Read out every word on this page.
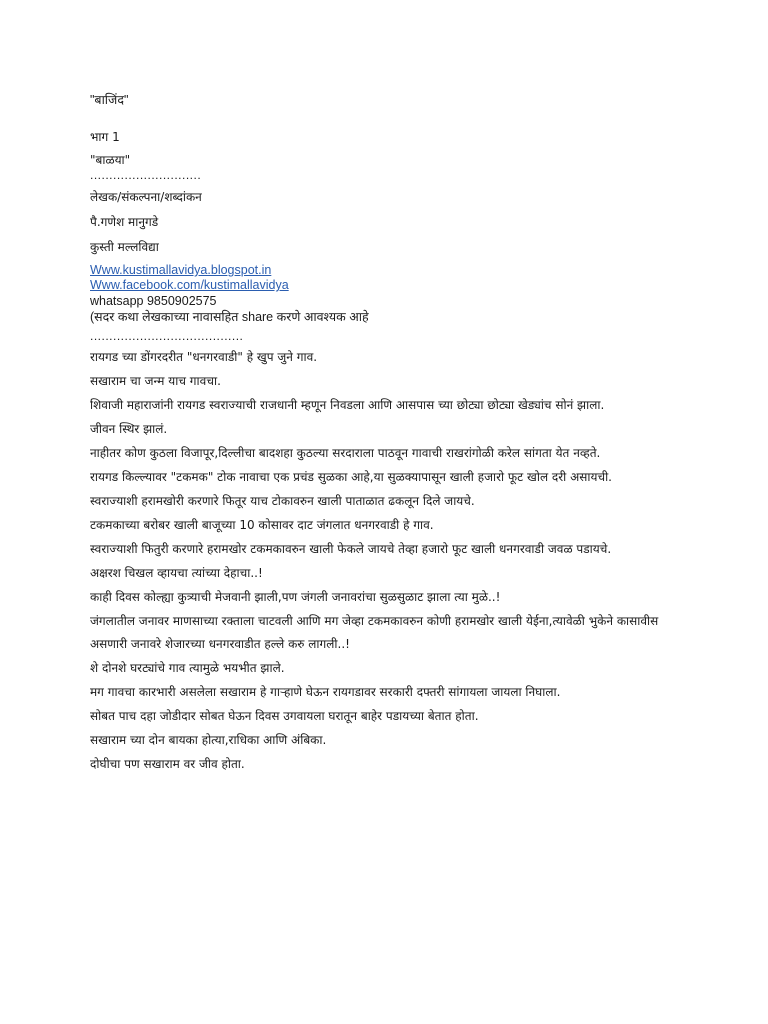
"बाजिंद"

भाग 1

"बाळया"

.............................

लेखक/संकल्पना/शब्दांकन

पै.गणेश मानुगडे

कुस्ती मल्लविद्या

Www.kustimallavidya.blogspot.in
Www.facebook.com/kustimallavidya

whatsapp 9850902575

(सदर कथा लेखकाच्या नावासहित share करणे आवश्यक आहे

........................................

रायगड च्या डोंगरदरीत "धनगरवाडी" हे खुप जुने गाव.

सखाराम चा जन्म याच गावचा.

शिवाजी महाराजांनी रायगड स्वराज्याची राजधानी म्हणून निवडला आणि आसपास च्या छोट्या छोट्या खेड्यांच सोनं झाला.

जीवन स्थिर झालं.

नाहीतर कोण कुठला विजापूर,दिल्लीचा बादशहा कुठल्या सरदाराला पाठवून गावाची राखरांगोळी करेल सांगता येत नव्हते.

रायगड किल्ल्यावर "टकमक" टोक नावाचा एक प्रचंड सुळका आहे,या सुळक्यापासून खाली हजारो फूट खोल दरी असायची.

स्वराज्याशी हरामखोरी करणारे फितूर याच टोकावरुन खाली पाताळात ढकलून दिले जायचे.

टकमकाच्या बरोबर खाली बाजूच्या 10 कोसावर दाट जंगलात धनगरवाडी हे गाव.

स्वराज्याशी फितुरी करणारे हरामखोर टकमकावरुन खाली फेकले जायचे तेव्हा हजारो फूट खाली धनगरवाडी जवळ पडायचे.

अक्षरश चिखल व्हायचा त्यांच्या देहाचा..!

काही दिवस कोल्ह्या कुत्र्याची मेजवानी झाली,पण जंगली जनावरांचा सुळसुळाट झाला त्या मुळे..!

जंगलातील जनावर माणसाच्या रक्ताला चाटवली आणि मग जेव्हा टकमकावरुन कोणी हरामखोर खाली येईना,त्यावेळी भुकेने कासावीस असणारी जनावरे शेजारच्या धनगरवाडीत हल्ले करु लागली..!

शे दोनशे घरट्यांचे गाव त्यामुळे भयभीत झाले.

मग गावचा कारभारी असलेला सखाराम हे गाऱ्हाणे घेऊन रायगडावर सरकारी दफ्तरी सांगायला जायला निघाला.

सोबत पाच दहा जोडीदार सोबत घेऊन दिवस उगवायला घरातून बाहेर पडायच्या बेतात होता.

सखाराम च्या दोन बायका होत्या,राधिका आणि अंबिका.

दोघीचा पण सखाराम वर जीव होता.
